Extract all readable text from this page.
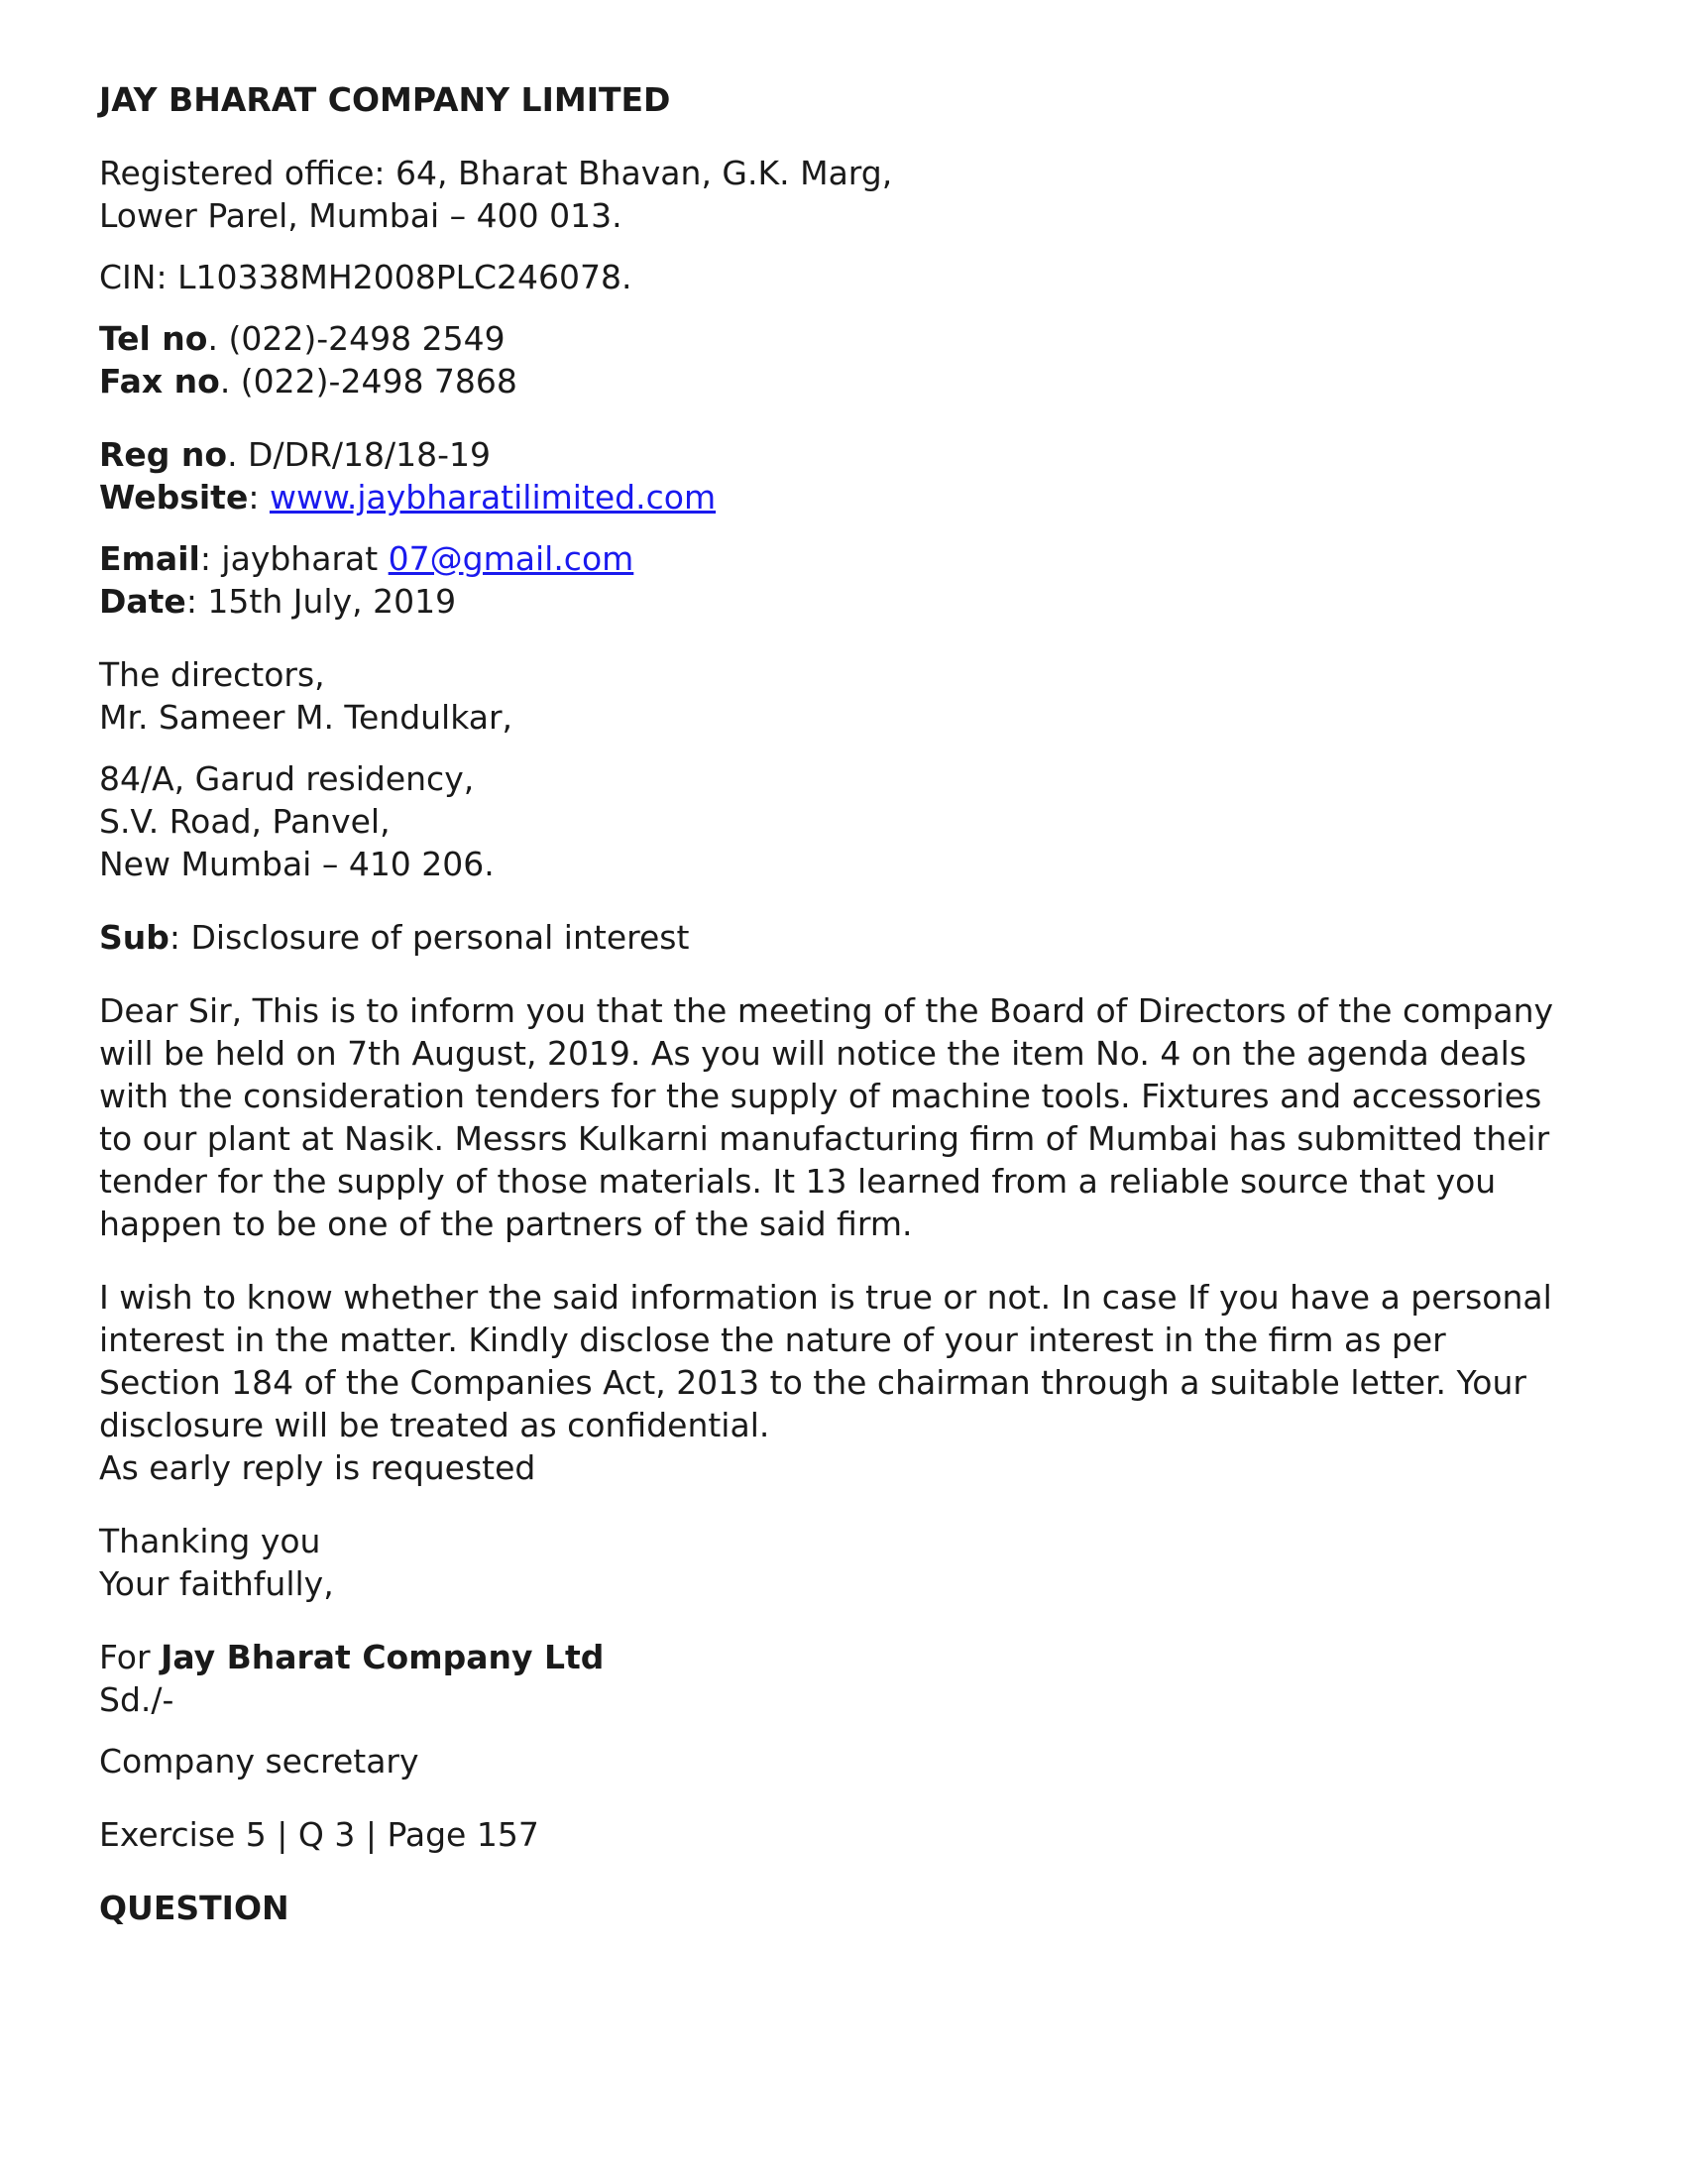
JAY BHARAT COMPANY LIMITED
Registered office: 64, Bharat Bhavan, G.K. Marg,
Lower Parel, Mumbai – 400 013.
CIN: L10338MH2008PLC246078.
Tel no. (022)-2498 2549
Fax no. (022)-2498 7868
Reg no. D/DR/18/18-19
Website: www.jaybharatilimited.com
Email: jaybharat 07@gmail.com
Date: 15th July, 2019
The directors,
Mr. Sameer M. Tendulkar,
84/A, Garud residency,
S.V. Road, Panvel,
New Mumbai – 410 206.
Sub: Disclosure of personal interest
Dear Sir, This is to inform you that the meeting of the Board of Directors of the company
will be held on 7th August, 2019. As you will notice the item No. 4 on the agenda deals
with the consideration tenders for the supply of machine tools. Fixtures and accessories
to our plant at Nasik. Messrs Kulkarni manufacturing firm of Mumbai has submitted their
tender for the supply of those materials. It 13 learned from a reliable source that you
happen to be one of the partners of the said firm.
I wish to know whether the said information is true or not. In case If you have a personal
interest in the matter. Kindly disclose the nature of your interest in the firm as per
Section 184 of the Companies Act, 2013 to the chairman through a suitable letter. Your
disclosure will be treated as confidential.
As early reply is requested
Thanking you
Your faithfully,
For Jay Bharat Company Ltd
Sd./-
Company secretary
Exercise 5 | Q 3 | Page 157
QUESTION
